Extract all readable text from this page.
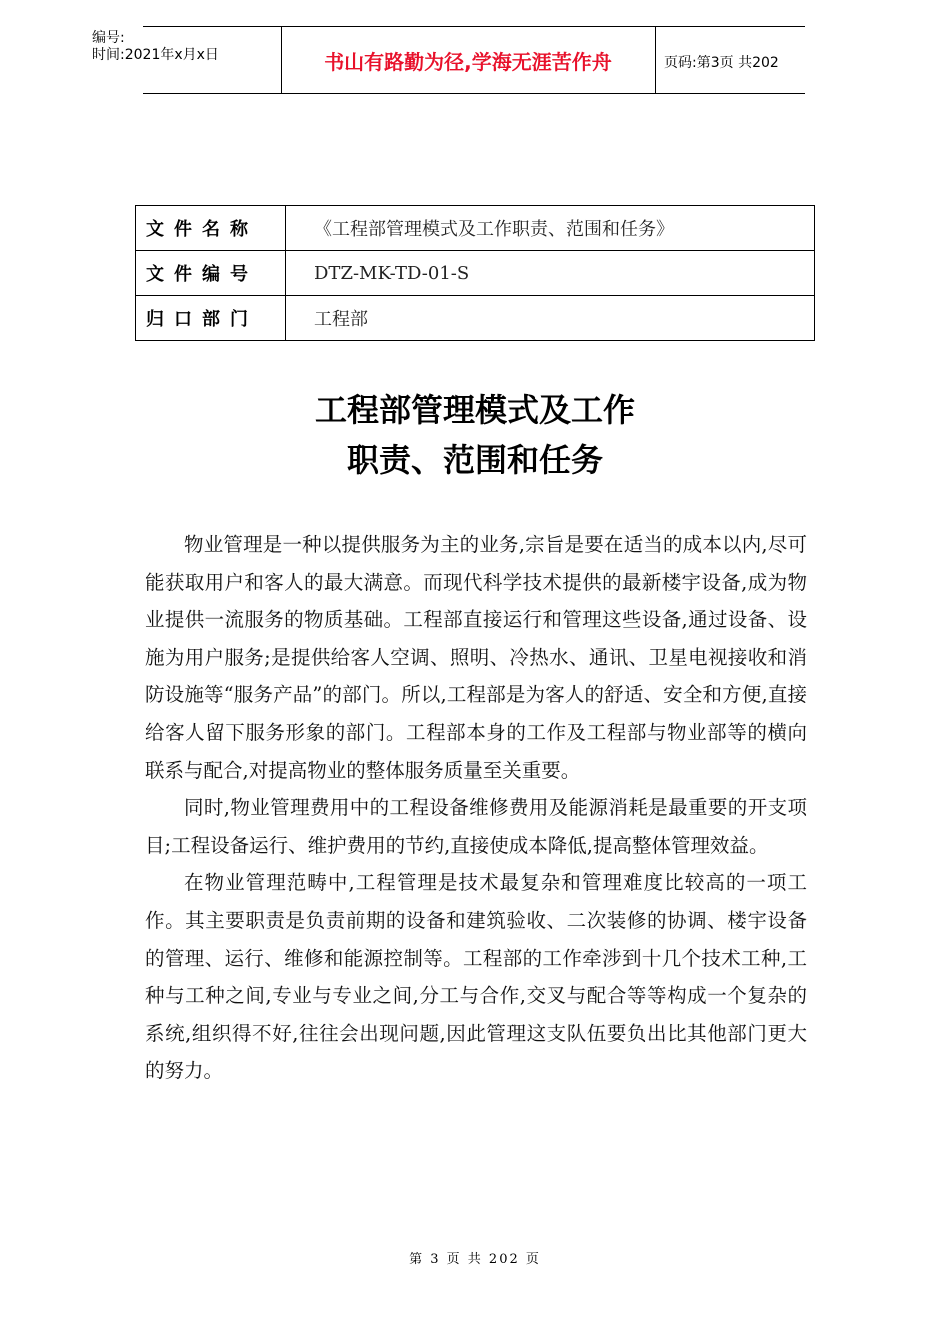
编号:
时间:2021年x月x日	书山有路勤为径,学海无涯苦作舟	页码:第3页 共202
文件名称	《工程部管理模式及工作职责、范围和任务》
文件编号	DTZ-MK-TD-01-S
归口部门	工程部
工程部管理模式及工作
职责、范围和任务

物业管理是一种以提供服务为主的业务,宗旨是要在适当的成本以内,尽可能获取用户和客人的最大满意。而现代科学技术提供的最新楼宇设备,成为物业提供一流服务的物质基础。工程部直接运行和管理这些设备,通过设备、设施为用户服务;是提供给客人空调、照明、冷热水、通讯、卫星电视接收和消防设施等“服务产品”的部门。所以,工程部是为客人的舒适、安全和方便,直接给客人留下服务形象的部门。工程部本身的工作及工程部与物业部等的横向联系与配合,对提高物业的整体服务质量至关重要。

同时,物业管理费用中的工程设备维修费用及能源消耗是最重要的开支项目;工程设备运行、维护费用的节约,直接使成本降低,提高整体管理效益。

在物业管理范畴中,工程管理是技术最复杂和管理难度比较高的一项工作。其主要职责是负责前期的设备和建筑验收、二次装修的协调、楼宇设备的管理、运行、维修和能源控制等。工程部的工作牵涉到十几个技术工种,工种与工种之间,专业与专业之间,分工与合作,交叉与配合等等构成一个复杂的系统,组织得不好,往往会出现问题,因此管理这支队伍要负出比其他部门更大的努力。

第 3 页 共 202 页
